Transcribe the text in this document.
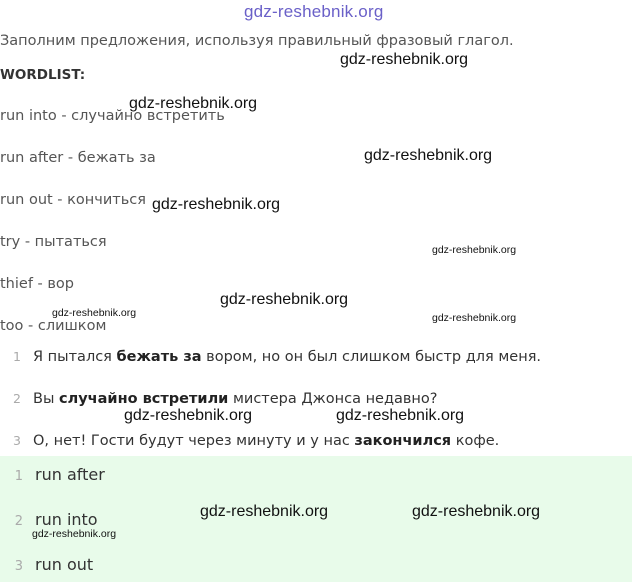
gdz-reshebnik.org
Заполним предложения, используя правильный фразовый глагол.
WORDLIST:
run into - случайно встретить
run after - бежать за
run out - кончиться
try - пытаться
thief - вор
too - слишком
1 Я пытался бежать за вором, но он был слишком быстр для меня.
2 Вы случайно встретили мистера Джонса недавно?
3 О, нет! Гости будут через минуту и у нас закончился кофе.
1 run after
2 run into
3 run out
gdz-reshebnik.org
gdz-reshebnik.org
gdz-reshebnik.org
gdz-reshebnik.org
gdz-reshebnik.org
gdz-reshebnik.org
gdz-reshebnik.org	gdz-reshebnik.org
gdz-reshebnik.org	gdz-reshebnik.org
gdz-reshebnik.org	gdz-reshebnik.org
gdz-reshebnik.org
